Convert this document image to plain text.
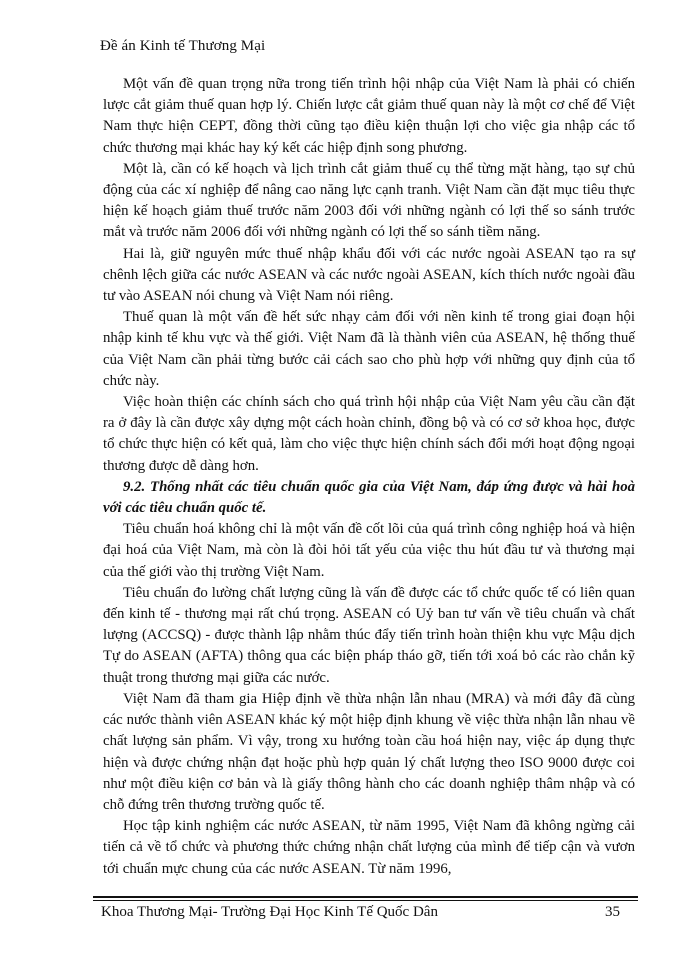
Đề án Kinh tế Thương Mại

Một vấn đề quan trọng nữa trong tiến trình hội nhập của Việt Nam là phải có chiến lược cắt giảm thuế quan hợp lý. Chiến lược cắt giảm thuế quan này là một cơ chế để Việt Nam thực hiện CEPT, đồng thời cũng tạo điều kiện thuận lợi cho việc gia nhập các tổ chức thương mại khác hay ký kết các hiệp định song phương.

Một là, cần có kế hoạch và lịch trình cắt giảm thuế cụ thể từng mặt hàng, tạo sự chủ động của các xí nghiệp để nâng cao năng lực cạnh tranh. Việt Nam cần đặt mục tiêu thực hiện kế hoạch giảm thuế trước năm 2003 đối với những ngành có lợi thế so sánh trước mắt và trước năm 2006 đối với những ngành có lợi thế so sánh tiềm năng.

Hai là, giữ nguyên mức thuế nhập khẩu đối với các nước ngoài ASEAN tạo ra sự chênh lệch giữa các nước ASEAN và các nước ngoài ASEAN, kích thích nước ngoài đầu tư vào ASEAN nói chung và Việt Nam nói riêng.

Thuế quan là một vấn đề hết sức nhạy cảm đối với nền kinh tế trong giai đoạn hội nhập kinh tế khu vực và thế giới. Việt Nam đã là thành viên của ASEAN, hệ thống thuế của Việt Nam cần phải từng bước cải cách sao cho phù hợp với những quy định của tổ chức này.

Việc hoàn thiện các chính sách cho quá trình hội nhập của Việt Nam yêu cầu cần đặt ra ở đây là cần được xây dựng một cách hoàn chỉnh, đồng bộ và có cơ sở khoa học, được tổ chức thực hiện có kết quả, làm cho việc thực hiện chính sách đổi mới hoạt động ngoại thương được dễ dàng hơn.

9.2. Thống nhất các tiêu chuẩn quốc gia của Việt Nam, đáp ứng được và hài hoà với các tiêu chuẩn quốc tế.

Tiêu chuẩn hoá không chỉ là một vấn đề cốt lõi của quá trình công nghiệp hoá và hiện đại hoá của Việt Nam, mà còn là đòi hỏi tất yếu của việc thu hút đầu tư và thương mại của thế giới vào thị trường Việt Nam.

Tiêu chuẩn đo lường chất lượng cũng là vấn đề được các tổ chức quốc tế có liên quan đến kinh tế - thương mại rất chú trọng. ASEAN có Uỷ ban tư vấn về tiêu chuẩn và chất lượng (ACCSQ) - được thành lập nhằm thúc đẩy tiến trình hoàn thiện khu vực Mậu dịch Tự do ASEAN (AFTA) thông qua các biện pháp tháo gỡ, tiến tới xoá bỏ các rào chắn kỹ thuật trong thương mại giữa các nước.

Việt Nam đã tham gia Hiệp định về thừa nhận lẫn nhau (MRA) và mới đây đã cùng các nước thành viên ASEAN khác ký một hiệp định khung về việc thừa nhận lẫn nhau về chất lượng sản phẩm. Vì vậy, trong xu hướng toàn cầu hoá hiện nay, việc áp dụng thực hiện và được chứng nhận đạt hoặc phù hợp quản lý chất lượng theo ISO 9000 được coi như một điều kiện cơ bản và là giấy thông hành cho các doanh nghiệp thâm nhập và có chỗ đứng trên thương trường quốc tế.

Học tập kinh nghiệm các nước ASEAN, từ năm 1995, Việt Nam đã không ngừng cải tiến cả về tổ chức và phương thức chứng nhận chất lượng của mình để tiếp cận và vươn tới chuẩn mực chung của các nước ASEAN. Từ năm 1996,

Khoa Thương Mại- Trường Đại Học Kinh Tế Quốc Dân	35
